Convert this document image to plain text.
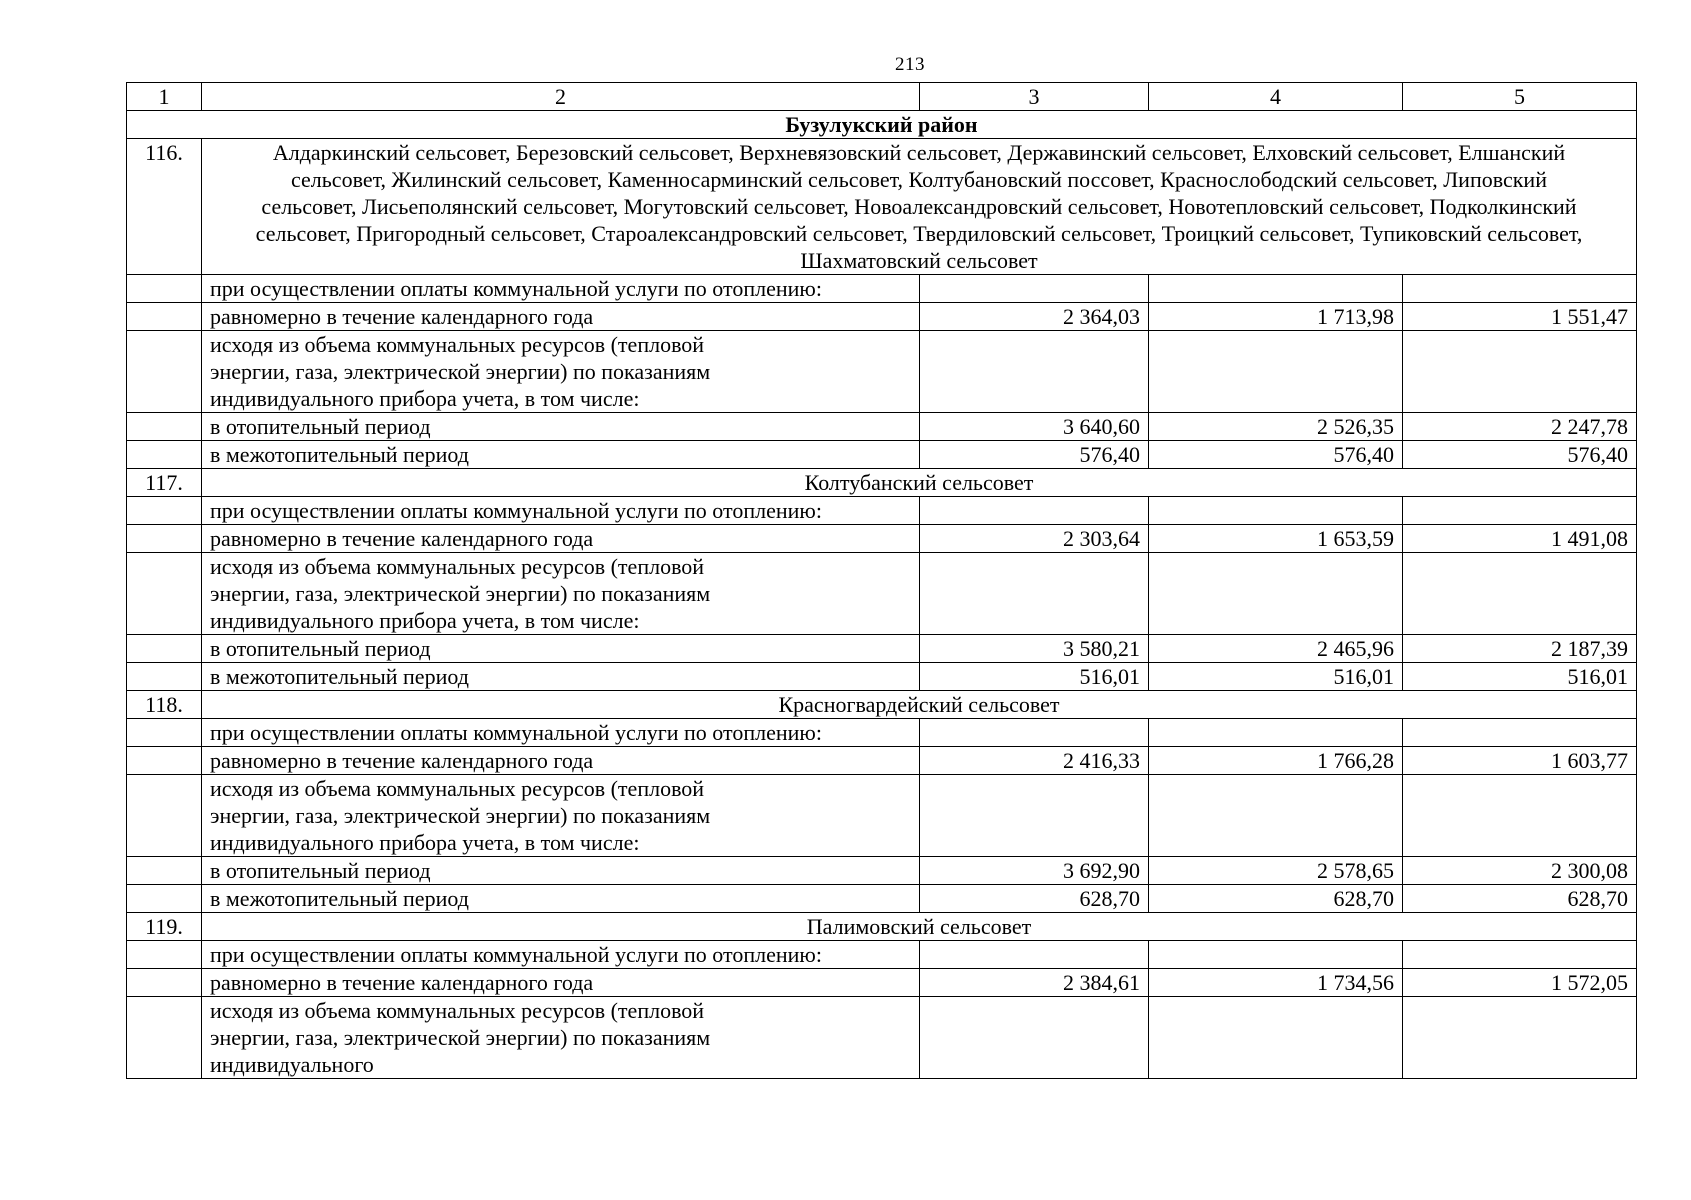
213
1	2	3	4	5
Бузулукский район				
116.	Алдаркинский сельсовет, Березовский сельсовет, Верхневязовский сельсовет, Державинский сельсовет, Елховский сельсовет, Елшанский сельсовет, Жилинский сельсовет, Каменносарминский сельсовет, Колтубановский поссовет, Краснослободский сельсовет, Липовский сельсовет, Лисьеполянский сельсовет, Могутовский сельсовет, Новоалександровский сельсовет, Новотепловский сельсовет, Подколкинский сельсовет, Пригородный сельсовет, Староалександровский сельсовет, Твердиловский сельсовет, Троицкий сельсовет, Тупиковский сельсовет, Шахматовский сельсовет			
	при осуществлении оплаты коммунальной услуги по отоплению:			
	равномерно в течение календарного года	2 364,03	1 713,98	1 551,47
	исходя из объема коммунальных ресурсов (тепловой энергии, газа, электрической энергии) по показаниям индивидуального прибора учета, в том числе:			
	в отопительный период	3 640,60	2 526,35	2 247,78
	в межотопительный период	576,40	576,40	576,40
117.	Колтубанский сельсовет			
	при осуществлении оплаты коммунальной услуги по отоплению:			
	равномерно в течение календарного года	2 303,64	1 653,59	1 491,08
	исходя из объема коммунальных ресурсов (тепловой энергии, газа, электрической энергии) по показаниям индивидуального прибора учета, в том числе:			
	в отопительный период	3 580,21	2 465,96	2 187,39
	в межотопительный период	516,01	516,01	516,01
118.	Красногвардейский сельсовет			
	при осуществлении оплаты коммунальной услуги по отоплению:			
	равномерно в течение календарного года	2 416,33	1 766,28	1 603,77
	исходя из объема коммунальных ресурсов (тепловой энергии, газа, электрической энергии) по показаниям индивидуального прибора учета, в том числе:			
	в отопительный период	3 692,90	2 578,65	2 300,08
	в межотопительный период	628,70	628,70	628,70
119.	Палимовский сельсовет			
	при осуществлении оплаты коммунальной услуги по отоплению:			
	равномерно в течение календарного года	2 384,61	1 734,56	1 572,05
	исходя из объема коммунальных ресурсов (тепловой энергии, газа, электрической энергии) по показаниям индивидуального			
